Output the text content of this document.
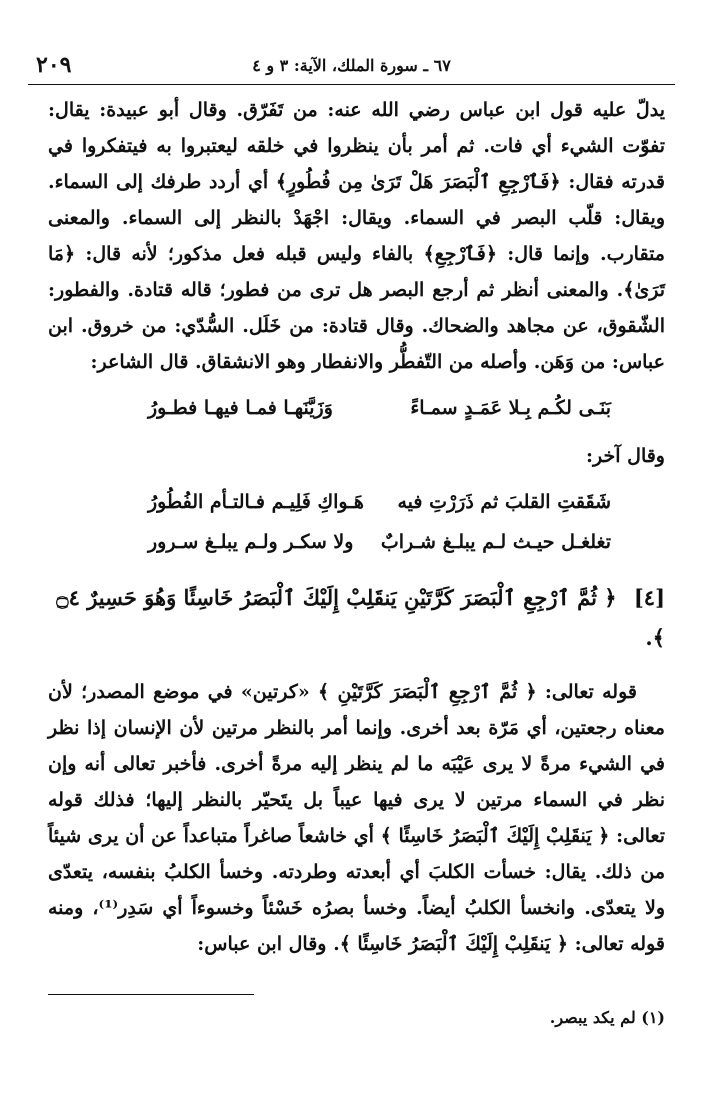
٢٠٩	٦٧ ـ سورة الملك، الآية: ٣ و ٤

يدلّ عليه قول ابن عباس رضي الله عنه: من تَفَرّق. وقال أبو عبيدة: يقال: تفوّت الشيء أي فات. ثم أمر بأن ينظروا في خلقه ليعتبروا به فيتفكروا في قدرته فقال: ﴿فَٱرْجِعِ ٱلْبَصَرَ هَلْ تَرَىٰ مِن فُطُورٍ﴾ أي أردد طرفك إلى السماء. ويقال: قلّب البصر في السماء. ويقال: اجْهَدْ بالنظر إلى السماء. والمعنى متقارب. وإنما قال: ﴿فَٱرْجِعِ﴾ بالفاء وليس قبله فعل مذكور؛ لأنه قال: ﴿مَا تَرَىٰ﴾. والمعنى أنظر ثم أرجع البصر هل ترى من فطور؛ قاله قتادة. والفطور: الشّقوق، عن مجاهد والضحاك. وقال قتادة: من خَلَل. السُّدّي: من خروق. ابن عباس: من وَهَن. وأصله من التّفطُّر والانفطار وهو الانشقاق. قال الشاعر:

بَنَـى لكُـم بِـلا عَمَـدٍ سمـاءً
وَزَيَّنَهـا فمـا فيهـا فطـورُ
وقال آخر:
شَقَقتِ القلبَ ثم ذَرَرْتِ فيه
هَـواكِ فَلِيـم فـالتـأم الفُطُورُ
تغلغـل حيـث لـم يبلـغ شـرابٌ
ولا سكـر ولـم يبلـغ سـرور
[٤] ﴿ ثُمَّ ٱرْجِعِ ٱلْبَصَرَ كَرَّتَيْنِ يَنقَلِبْ إِلَيْكَ ٱلْبَصَرُ خَاسِئًا وَهُوَ حَسِيرٌ ۝٤ ﴾.

قوله تعالى: ﴿ ثُمَّ ٱرْجِعِ ٱلْبَصَرَ كَرَّتَيْنِ ﴾ «كرتين» في موضع المصدر؛ لأن معناه رجعتين، أي مَرّة بعد أخرى. وإنما أمر بالنظر مرتين لأن الإنسان إذا نظر في الشيء مرةً لا يرى عَيْبَه ما لم ينظر إليه مرةً أخرى. فأخبر تعالى أنه وإن نظر في السماء مرتين لا يرى فيها عيباً بل يتَحيّر بالنظر إليها؛ فذلك قوله تعالى: ﴿ يَنقَلِبْ إِلَيْكَ ٱلْبَصَرُ خَاسِئًا ﴾ أي خاشعاً صاغراً متباعداً عن أن يرى شيئاً من ذلك. يقال: خسأت الكلبَ أي أبعدته وطردته. وخسأ الكلبُ بنفسه، يتعدّى ولا يتعدّى. وانخسأ الكلبُ أيضاً. وخسأ بصرُه خَسْئاً وخسوءاً أي سَدِر⁽¹⁾، ومنه قوله تعالى: ﴿ يَنقَلِبْ إِلَيْكَ ٱلْبَصَرُ خَاسِئًا ﴾. وقال ابن عباس:

(١) لم يكد يبصر.
